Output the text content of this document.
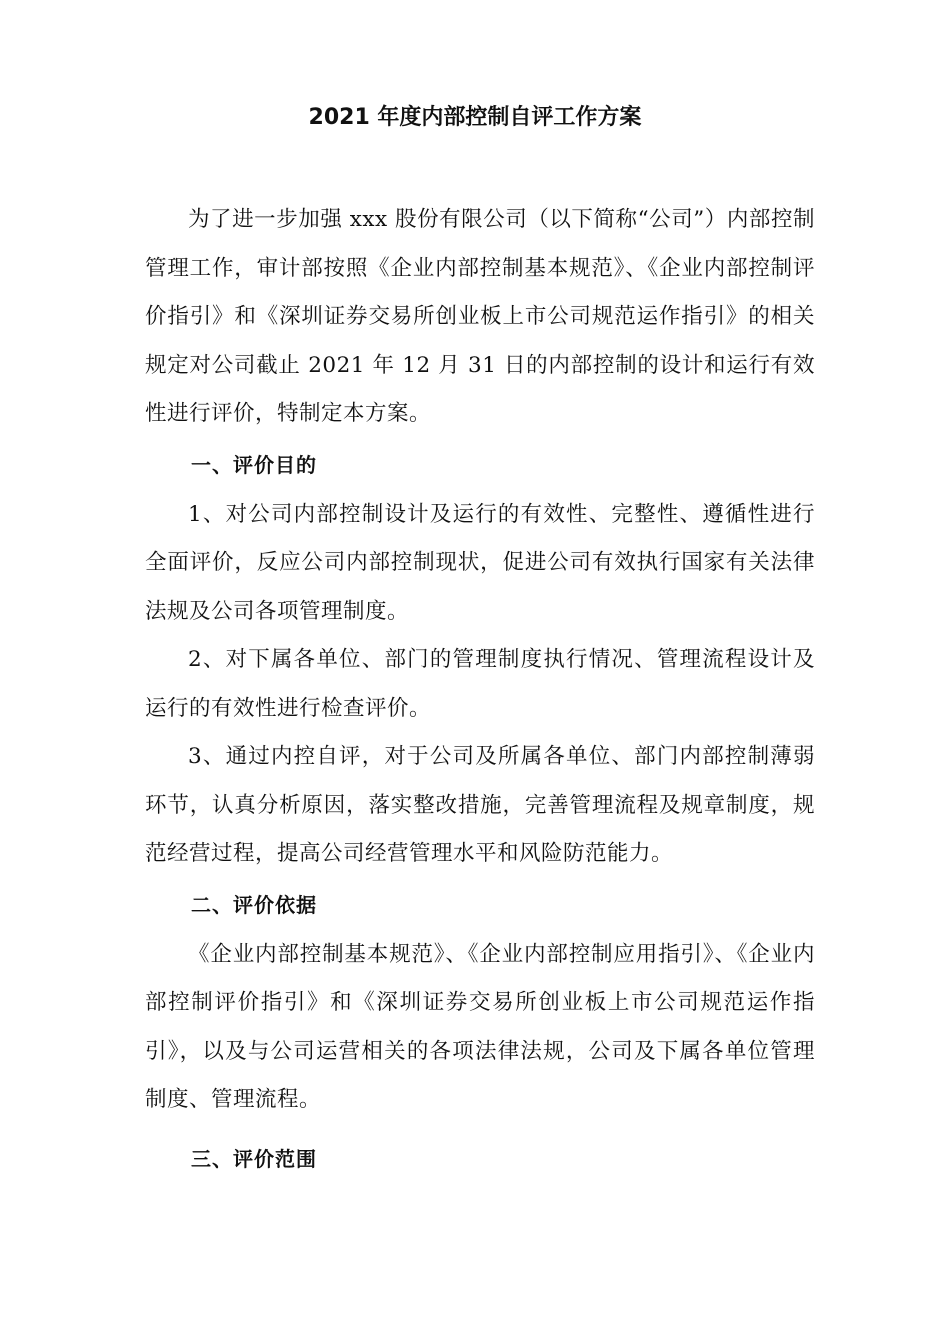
2021 年度内部控制自评工作方案

为了进一步加强 xxx 股份有限公司（以下简称“公司”）内部控制管理工作，审计部按照《企业内部控制基本规范》、《企业内部控制评价指引》和《深圳证券交易所创业板上市公司规范运作指引》的相关规定对公司截止 2021 年 12 月 31 日的内部控制的设计和运行有效性进行评价，特制定本方案。

一、评价目的

1、对公司内部控制设计及运行的有效性、完整性、遵循性进行全面评价，反应公司内部控制现状，促进公司有效执行国家有关法律法规及公司各项管理制度。

2、对下属各单位、部门的管理制度执行情况、管理流程设计及运行的有效性进行检查评价。

3、通过内控自评，对于公司及所属各单位、部门内部控制薄弱环节，认真分析原因，落实整改措施，完善管理流程及规章制度，规范经营过程，提高公司经营管理水平和风险防范能力。

二、评价依据

《企业内部控制基本规范》、《企业内部控制应用指引》、《企业内部控制评价指引》和《深圳证券交易所创业板上市公司规范运作指引》，以及与公司运营相关的各项法律法规，公司及下属各单位管理制度、管理流程。

三、评价范围
